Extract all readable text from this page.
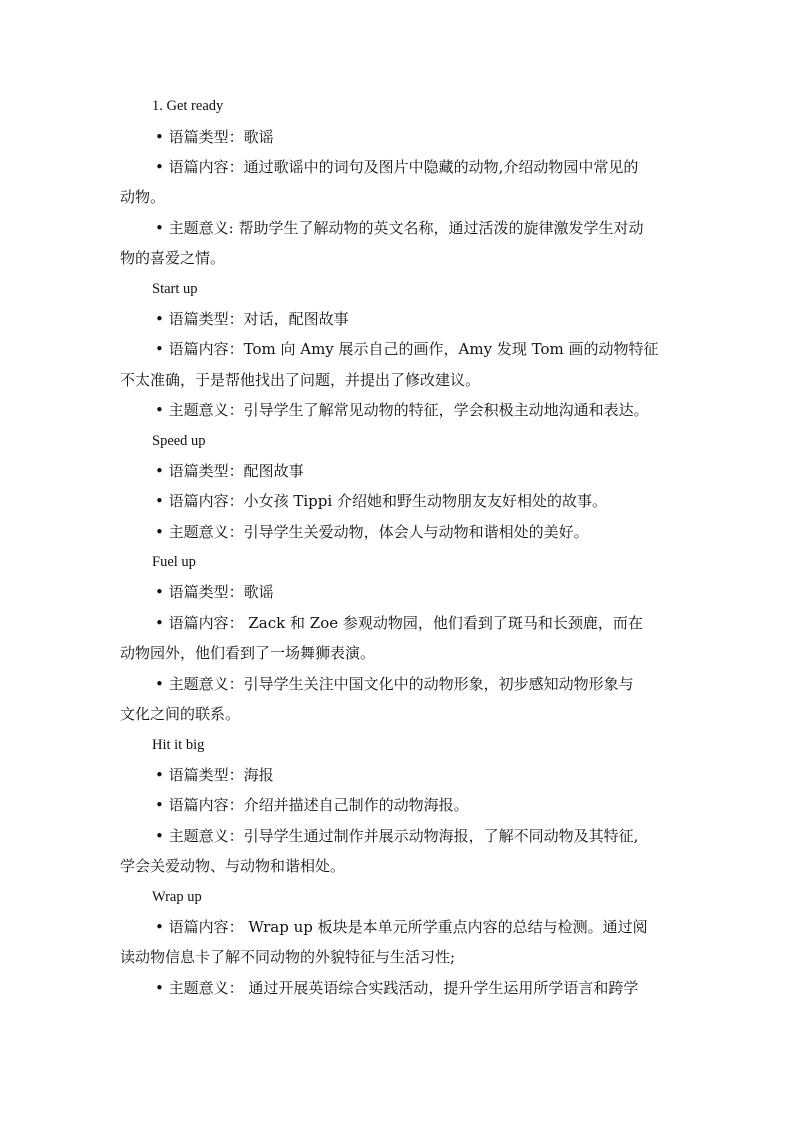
1. Get ready
• 语篇类型：歌谣
• 语篇内容：通过歌谣中的词句及图片中隐藏的动物,介绍动物园中常见的
动物。
• 主题意义: 帮助学生了解动物的英文名称，通过活泼的旋律激发学生对动
物的喜爱之情。
Start up
• 语篇类型：对话，配图故事
• 语篇内容：Tom 向 Amy 展示自己的画作，Amy 发现 Tom 画的动物特征
不太准确，于是帮他找出了问题，并提出了修改建议。
• 主题意义：引导学生了解常见动物的特征，学会积极主动地沟通和表达。
Speed up
• 语篇类型：配图故事
• 语篇内容：小女孩 Tippi 介绍她和野生动物朋友友好相处的故事。
• 主题意义：引导学生关爱动物，体会人与动物和谐相处的美好。
Fuel up
• 语篇类型：歌谣
• 语篇内容： Zack 和 Zoe 参观动物园，他们看到了斑马和长颈鹿，而在
动物园外，他们看到了一场舞狮表演。
• 主题意义：引导学生关注中国文化中的动物形象，初步感知动物形象与
文化之间的联系。
Hit it big
• 语篇类型：海报
• 语篇内容：介绍并描述自己制作的动物海报。
• 主题意义：引导学生通过制作并展示动物海报，了解不同动物及其特征,
学会关爱动物、与动物和谐相处。
Wrap up
• 语篇内容： Wrap up 板块是本单元所学重点内容的总结与检测。通过阅
读动物信息卡了解不同动物的外貌特征与生活习性;
• 主题意义： 通过开展英语综合实践活动，提升学生运用所学语言和跨学
